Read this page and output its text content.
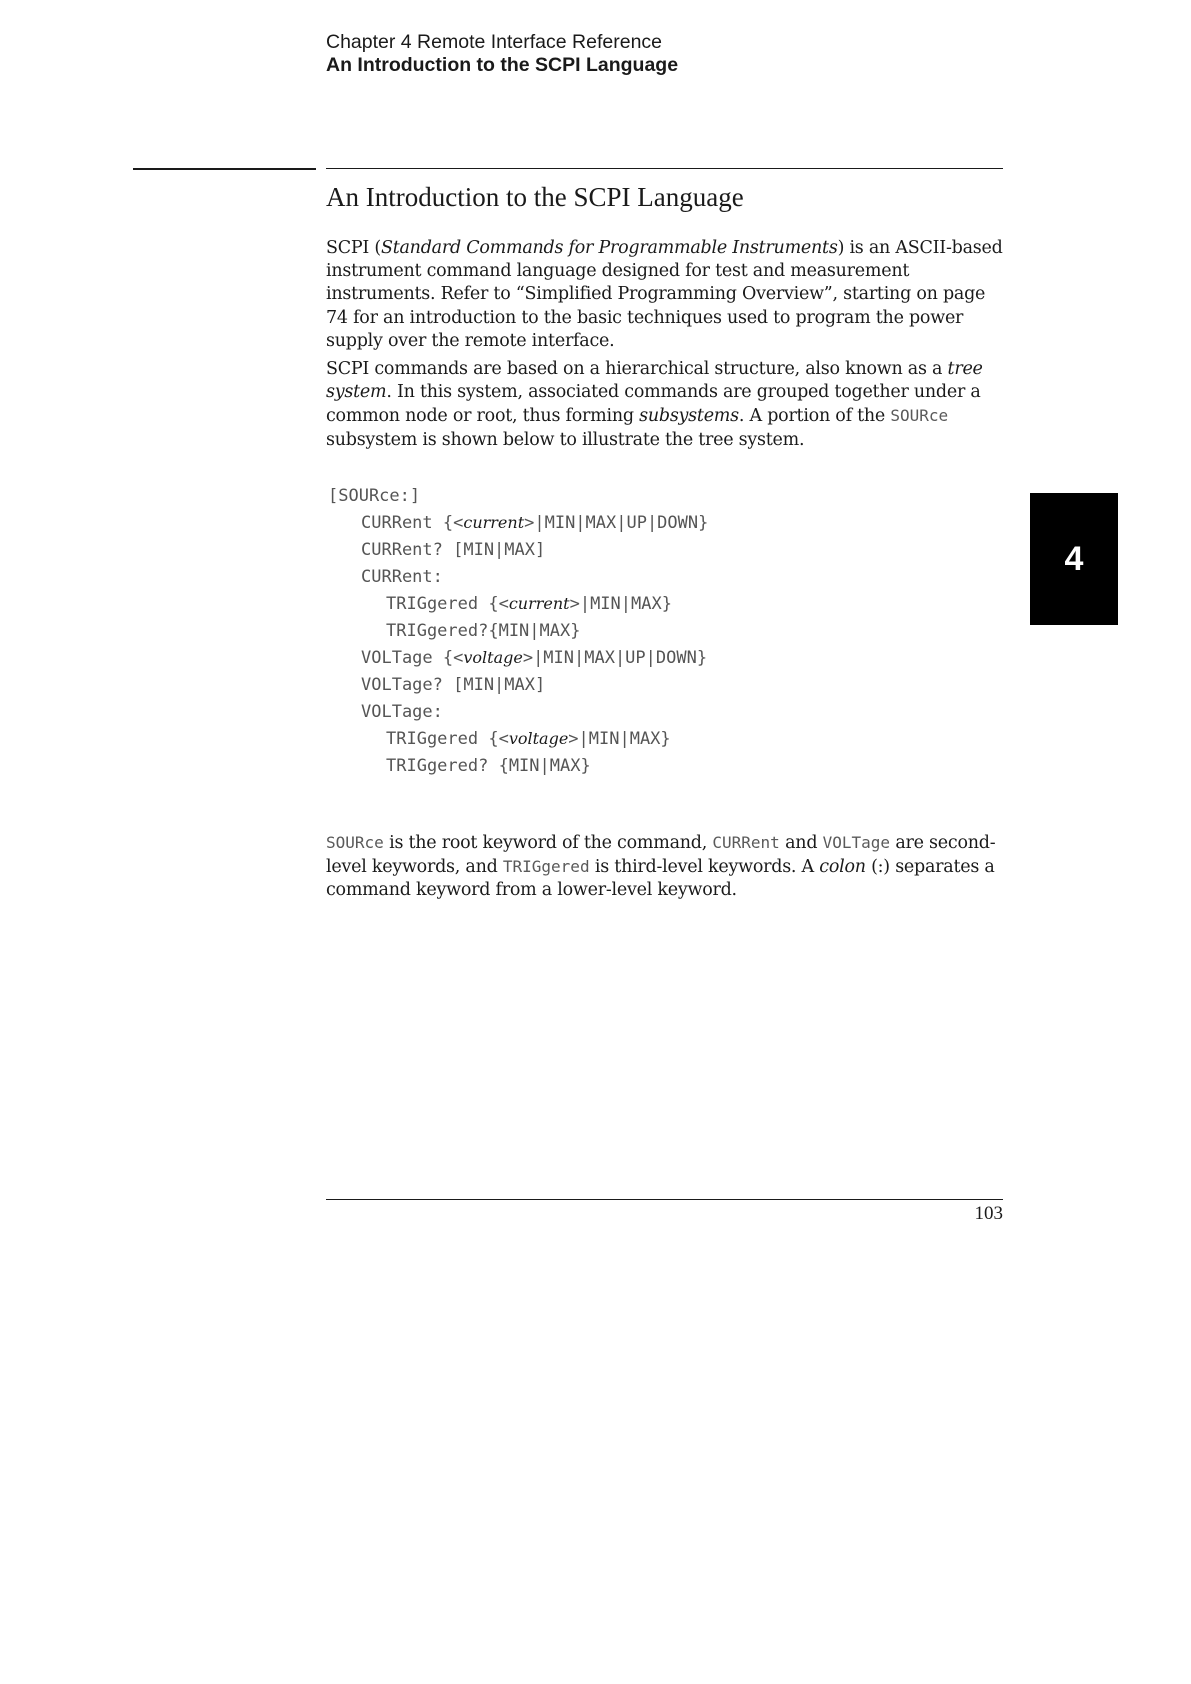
Chapter 4 Remote Interface Reference
An Introduction to the SCPI Language
An Introduction to the SCPI Language

SCPI (Standard Commands for Programmable Instruments) is an ASCII-based instrument command language designed for test and measurement instruments. Refer to “Simplified Programming Overview”, starting on page 74 for an introduction to the basic techniques used to program the power supply over the remote interface.

SCPI commands are based on a hierarchical structure, also known as a tree system. In this system, associated commands are grouped together under a common node or root, thus forming subsystems. A portion of the SOURce subsystem is shown below to illustrate the tree system.

[SOURce:]
CURRent {<current>|MIN|MAX|UP|DOWN}
CURRent? [MIN|MAX]
CURRent:
TRIGgered {<current>|MIN|MAX}
TRIGgered?{MIN|MAX}
VOLTage {<voltage>|MIN|MAX|UP|DOWN}
VOLTage? [MIN|MAX]
VOLTage:
TRIGgered {<voltage>|MIN|MAX}
TRIGgered? {MIN|MAX}

SOURce is the root keyword of the command, CURRent and VOLTage are second-level keywords, and TRIGgered is third-level keywords. A colon (:) separates a command keyword from a lower-level keyword.

4
103
